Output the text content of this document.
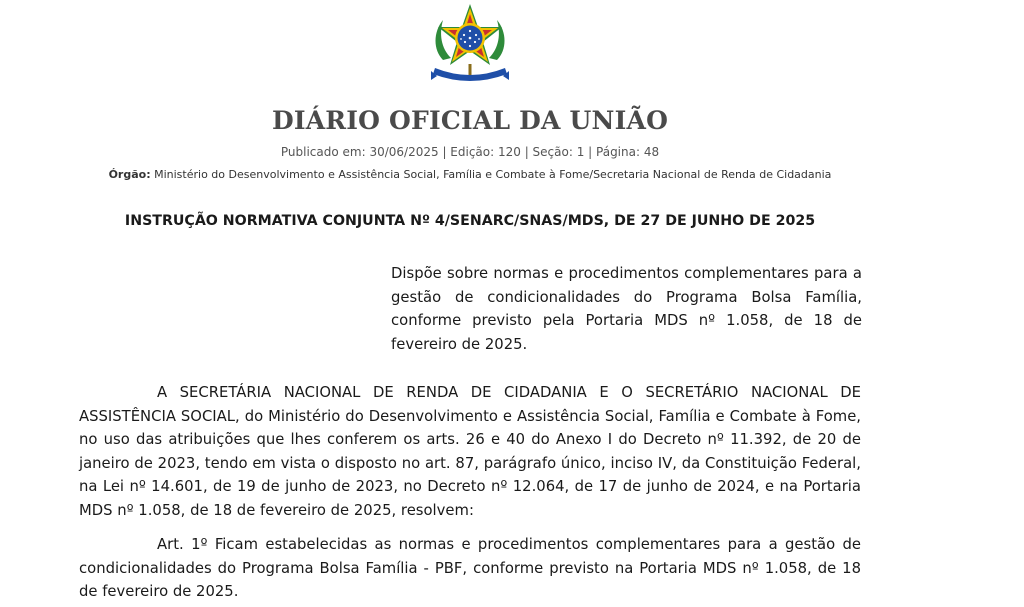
DIÁRIO OFICIAL DA UNIÃO
Publicado em: 30/06/2025 | Edição: 120 | Seção: 1 | Página: 48
Órgão: Ministério do Desenvolvimento e Assistência Social, Família e Combate à Fome/Secretaria Nacional de Renda de Cidadania
INSTRUÇÃO NORMATIVA CONJUNTA Nº 4/SENARC/SNAS/MDS, DE 27 DE JUNHO DE 2025

Dispõe sobre normas e procedimentos complementares para a gestão de condicionalidades do Programa Bolsa Família, conforme previsto pela Portaria MDS nº 1.058, de 18 de fevereiro de 2025.

A SECRETÁRIA NACIONAL DE RENDA DE CIDADANIA E O SECRETÁRIO NACIONAL DE ASSISTÊNCIA SOCIAL, do Ministério do Desenvolvimento e Assistência Social, Família e Combate à Fome, no uso das atribuições que lhes conferem os arts. 26 e 40 do Anexo I do Decreto nº 11.392, de 20 de janeiro de 2023, tendo em vista o disposto no art. 87, parágrafo único, inciso IV, da Constituição Federal, na Lei nº 14.601, de 19 de junho de 2023, no Decreto nº 12.064, de 17 de junho de 2024, e na Portaria MDS nº 1.058, de 18 de fevereiro de 2025, resolvem:

Art. 1º Ficam estabelecidas as normas e procedimentos complementares para a gestão de condicionalidades do Programa Bolsa Família - PBF, conforme previsto na Portaria MDS nº 1.058, de 18 de fevereiro de 2025.
